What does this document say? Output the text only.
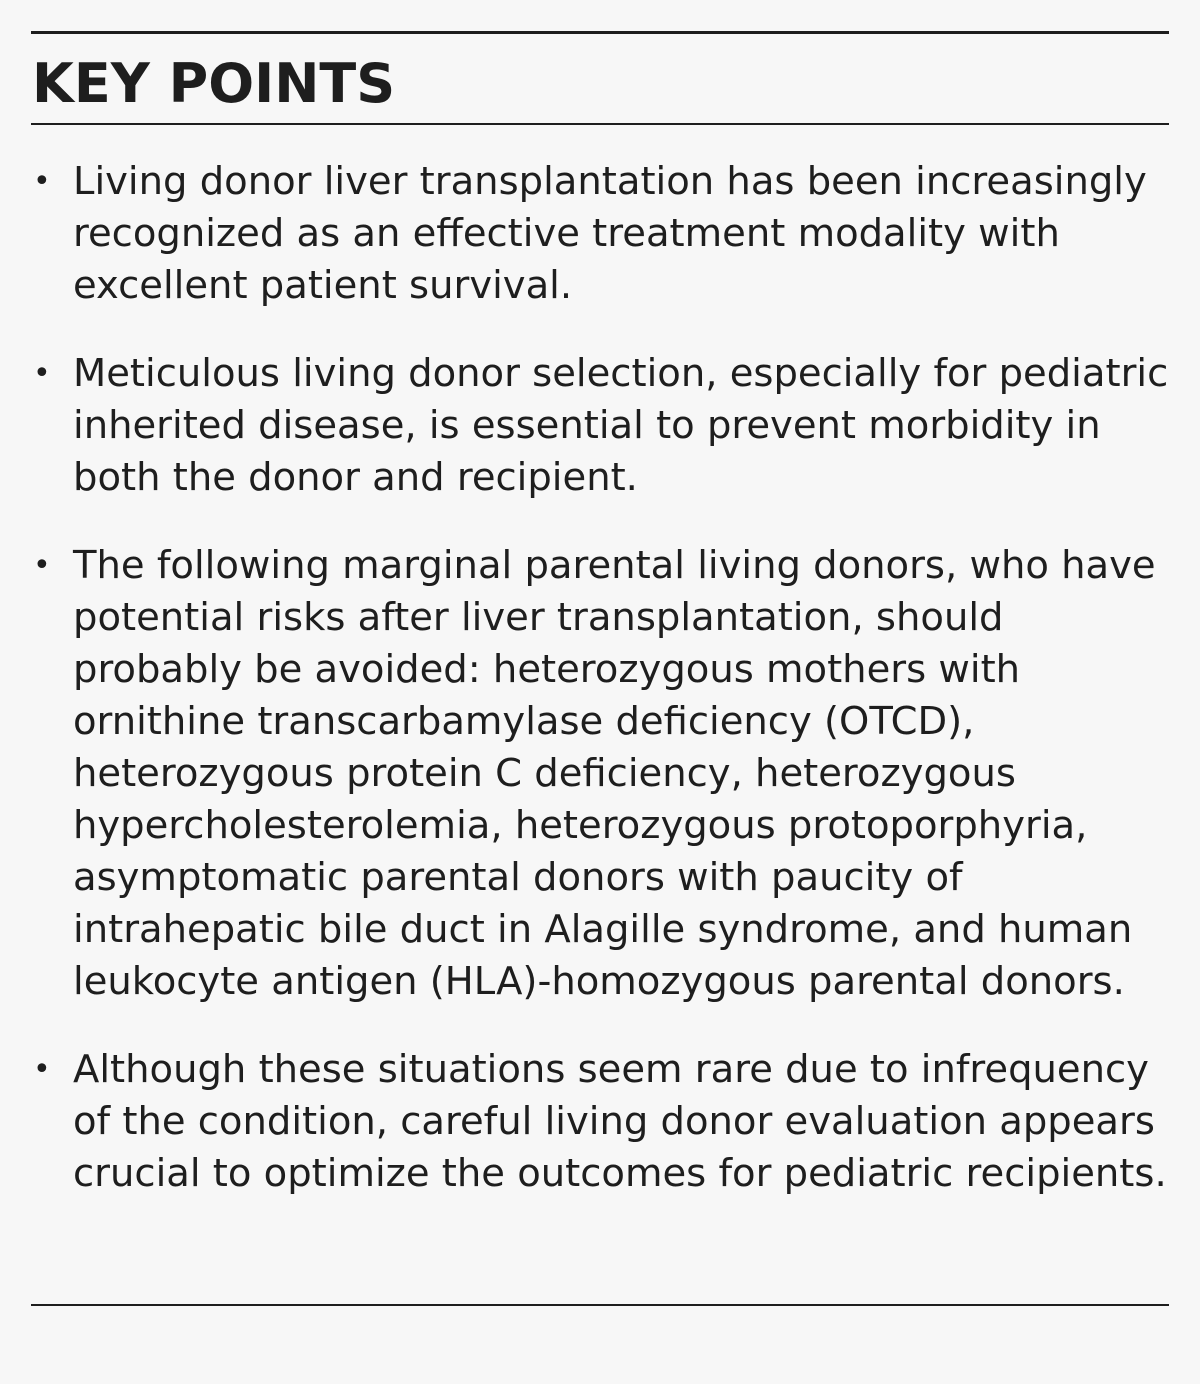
KEY POINTS
• Living donor liver transplantation has been increasingly recognized as an effective treatment modality with excellent patient survival.
• Meticulous living donor selection, especially for pediatric inherited disease, is essential to prevent morbidity in both the donor and recipient.
• The following marginal parental living donors, who have potential risks after liver transplantation, should probably be avoided: heterozygous mothers with ornithine transcarbamylase deficiency (OTCD), heterozygous protein C deficiency, heterozygous hypercholesterolemia, heterozygous protoporphyria, asymptomatic parental donors with paucity of intrahepatic bile duct in Alagille syndrome, and human leukocyte antigen (HLA)-homozygous parental donors.
• Although these situations seem rare due to infrequency of the condition, careful living donor evaluation appears crucial to optimize the outcomes for pediatric recipients.
